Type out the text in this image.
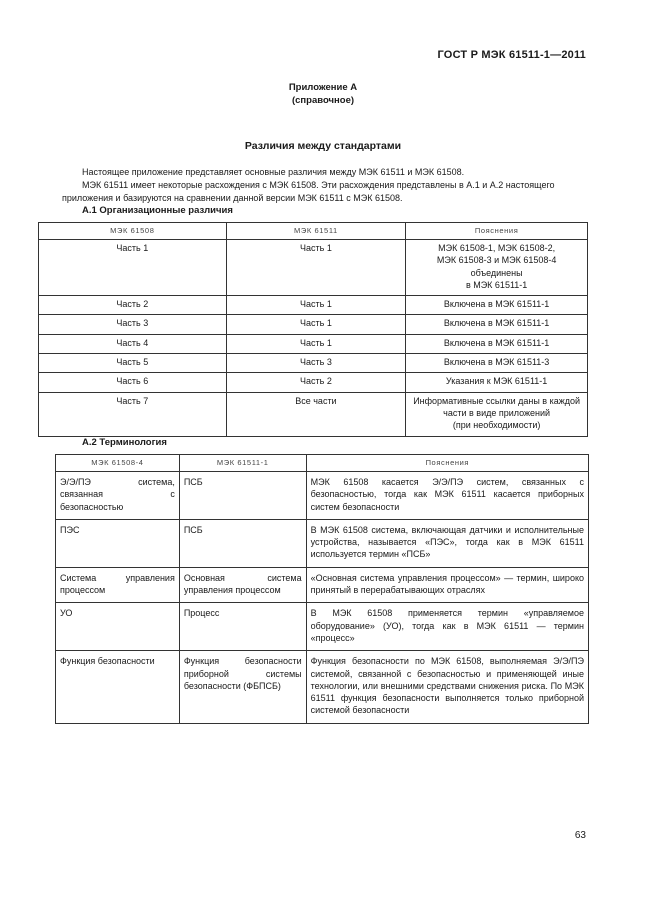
ГОСТ Р МЭК 61511-1—2011
Приложение А
(справочное)
Различия между стандартами
Настоящее приложение представляет основные различия между МЭК 61511 и МЭК 61508.
МЭК 61511 имеет некоторые расхождения с МЭК 61508. Эти расхождения представлены в А.1 и А.2 настоящего приложения и базируются на сравнении данной версии МЭК 61511 с МЭК 61508.
А.1 Организационные различия
МЭК 61508	МЭК 61511	Пояснения
Часть 1	Часть 1	МЭК 61508-1, МЭК 61508-2,
МЭК 61508-3 и МЭК 61508-4 объединены
в МЭК 61511-1
Часть 2	Часть 1	Включена в МЭК 61511-1
Часть 3	Часть 1	Включена в МЭК 61511-1
Часть 4	Часть 1	Включена в МЭК 61511-1
Часть 5	Часть 3	Включена в МЭК 61511-3
Часть 6	Часть 2	Указания к МЭК 61511-1
Часть 7	Все части	Информативные ссылки даны в каждой
части в виде приложений
(при необходимости)
А.2 Терминология
МЭК 61508-4	МЭК 61511-1	Пояснения
Э/Э/ПЭ система, связанная с безопасностью	ПСБ	МЭК 61508 касается Э/Э/ПЭ систем, связанных с безопасностью, тогда как МЭК 61511 касается приборных систем безопасности
ПЭС	ПСБ	В МЭК 61508 система, включающая датчики и исполнительные устройства, называется «ПЭС», тогда как в МЭК 61511 используется термин «ПСБ»
Система управления процессом	Основная система управления процессом	«Основная система управления процессом» — термин, широко принятый в перерабатывающих отраслях
УО	Процесс	В МЭК 61508 применяется термин «управляемое оборудование» (УО), тогда как в МЭК 61511 — термин «процесс»
Функция безопасности	Функция безопасности приборной системы безопасности (ФБПСБ)	Функция безопасности по МЭК 61508, выполняемая Э/Э/ПЭ системой, связанной с безопасностью и применяющей иные технологии, или внешними средствами снижения риска. По МЭК 61511 функция безопасности выполняется только приборной системой безопасности
63
